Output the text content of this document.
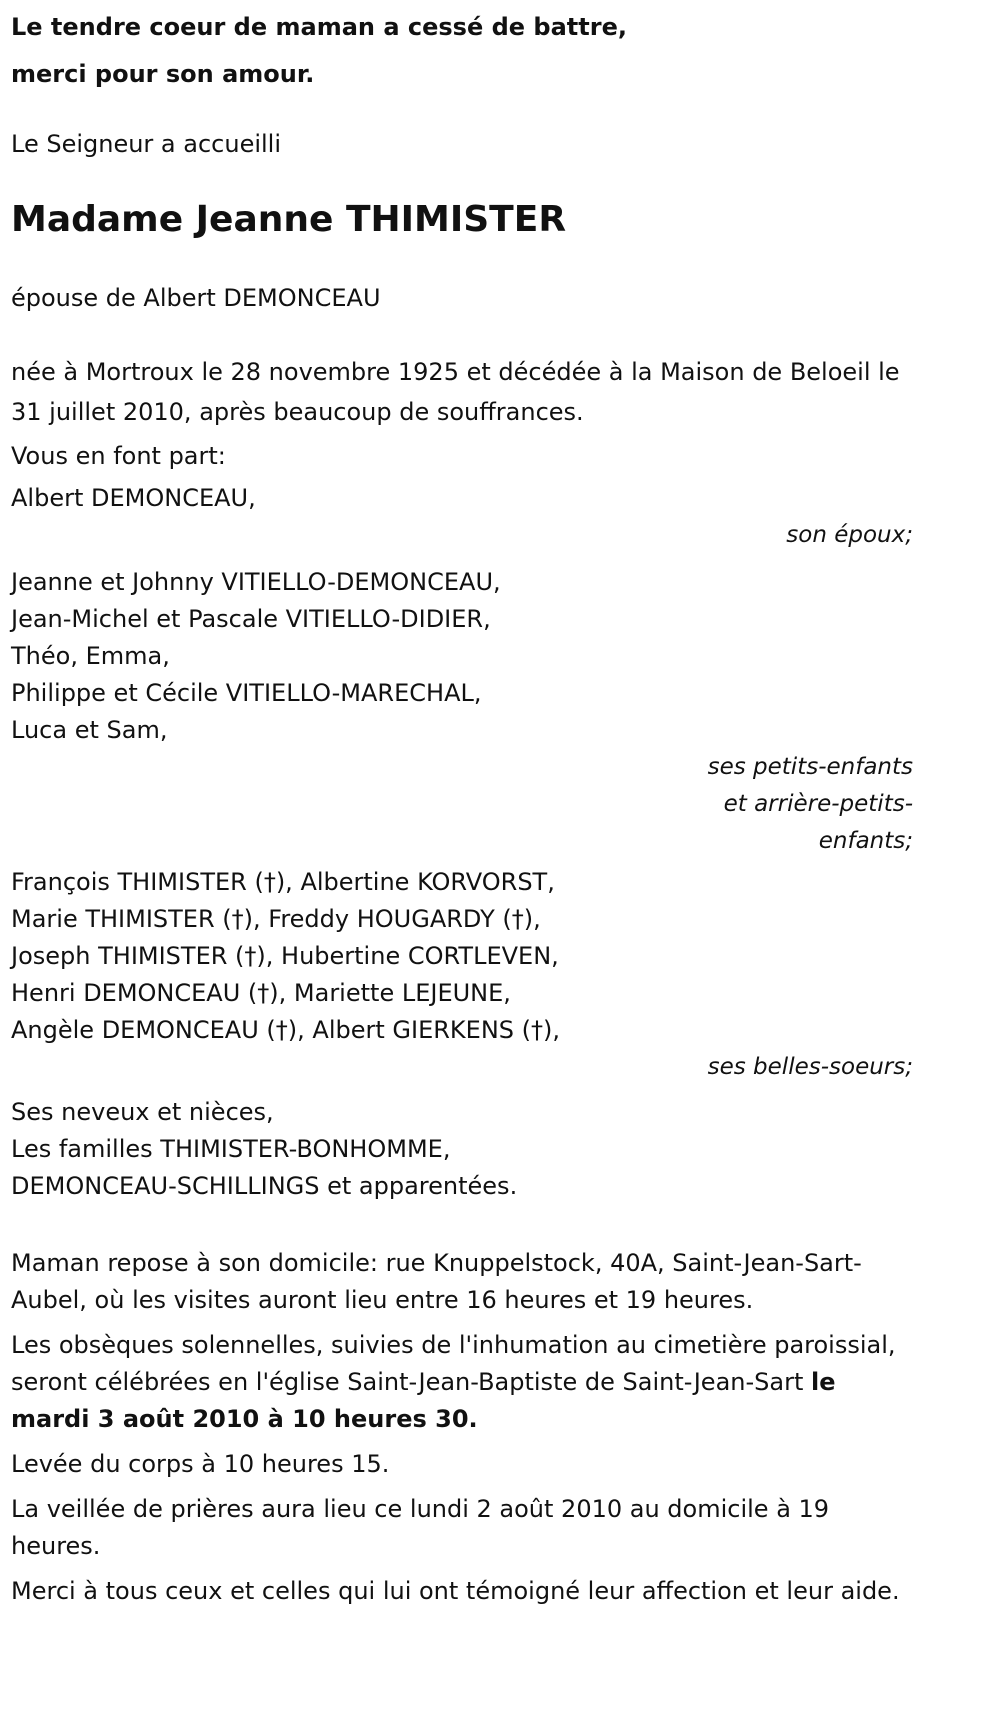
Le tendre coeur de maman a cessé de battre,

merci pour son amour.

Le Seigneur a accueilli

Madame Jeanne THIMISTER

épouse de Albert DEMONCEAU

née à Mortroux le 28 novembre 1925 et décédée à la Maison de Beloeil le 31 juillet 2010, après beaucoup de souffrances.

Vous en font part:

Albert DEMONCEAU,

son époux;

Jeanne et Johnny VITIELLO-DEMONCEAU,

Jean-Michel et Pascale VITIELLO-DIDIER,

Théo, Emma,

Philippe et Cécile VITIELLO-MARECHAL,

Luca et Sam,

ses petits-enfants
et arrière-petits-
enfants;

François THIMISTER (†), Albertine KORVORST,

Marie THIMISTER (†), Freddy HOUGARDY (†),

Joseph THIMISTER (†), Hubertine CORTLEVEN,

Henri DEMONCEAU (†), Mariette LEJEUNE,

Angèle DEMONCEAU (†), Albert GIERKENS (†),

ses belles-soeurs;

Ses neveux et nièces,

Les familles THIMISTER-BONHOMME,

DEMONCEAU-SCHILLINGS et apparentées.

Maman repose à son domicile: rue Knuppelstock, 40A, Saint-Jean-Sart-Aubel, où les visites auront lieu entre 16 heures et 19 heures.

Les obsèques solennelles, suivies de l'inhumation au cimetière paroissial, seront célébrées en l'église Saint-Jean-Baptiste de Saint-Jean-Sart le mardi 3 août 2010 à 10 heures 30.

Levée du corps à 10 heures 15.

La veillée de prières aura lieu ce lundi 2 août 2010 au domicile à 19 heures.

Merci à tous ceux et celles qui lui ont témoigné leur affection et leur aide.
